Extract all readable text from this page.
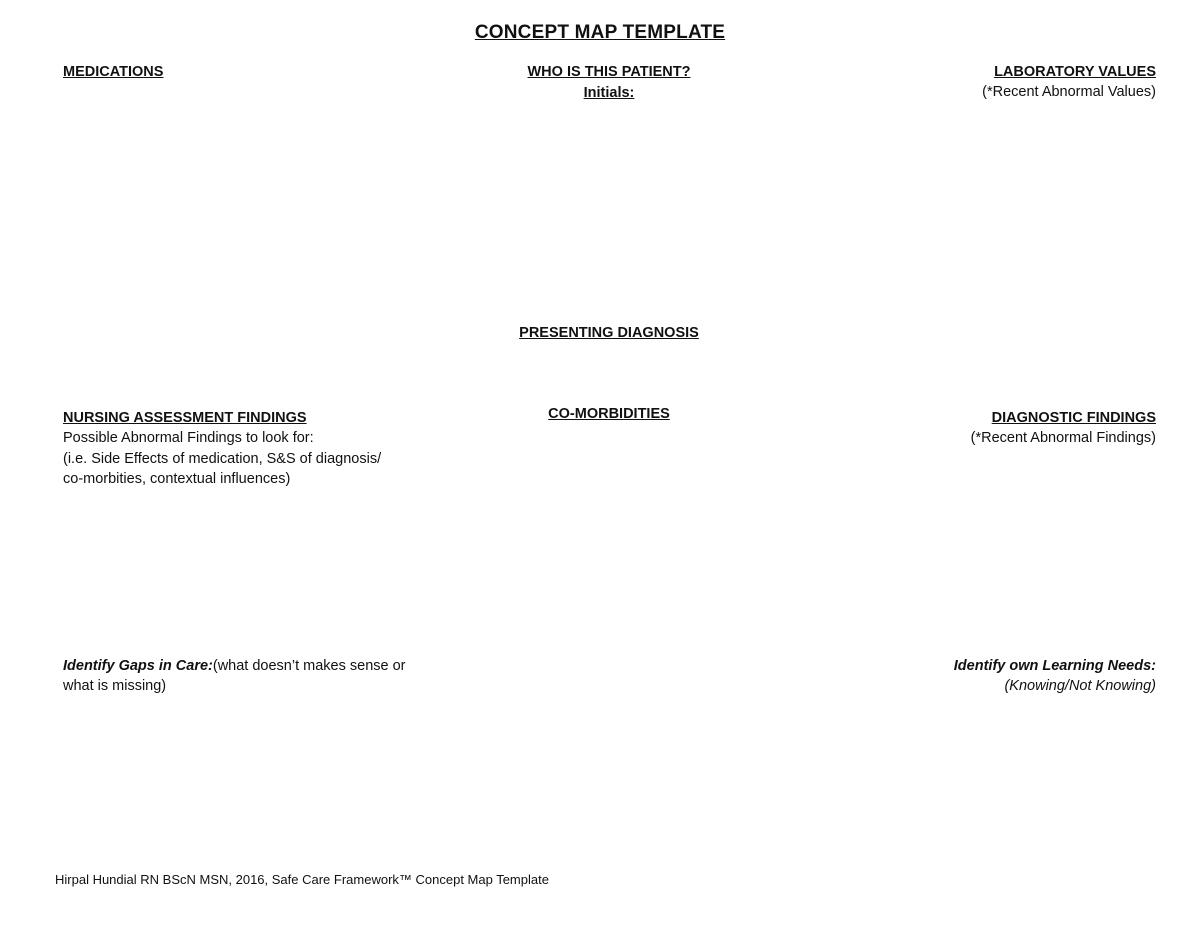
CONCEPT MAP TEMPLATE
MEDICATIONS	WHO IS THIS PATIENT?
Initials:
LABORATORY VALUES
(*Recent Abnormal Values)
PRESENTING DIAGNOSIS
NURSING ASSESSMENT FINDINGS
Possible Abnormal Findings to look for:
(i.e. Side Effects of medication, S&S of diagnosis/
co-morbities, contextual influences)
CO-MORBIDITIES	DIAGNOSTIC FINDINGS
(*Recent Abnormal Findings)
Identify Gaps in Care:(what doesn’t makes sense or
what is missing)
Identify own Learning Needs:
(Knowing/Not Knowing)
Hirpal Hundial RN BScN MSN, 2016, Safe Care Framework™ Concept Map Template
